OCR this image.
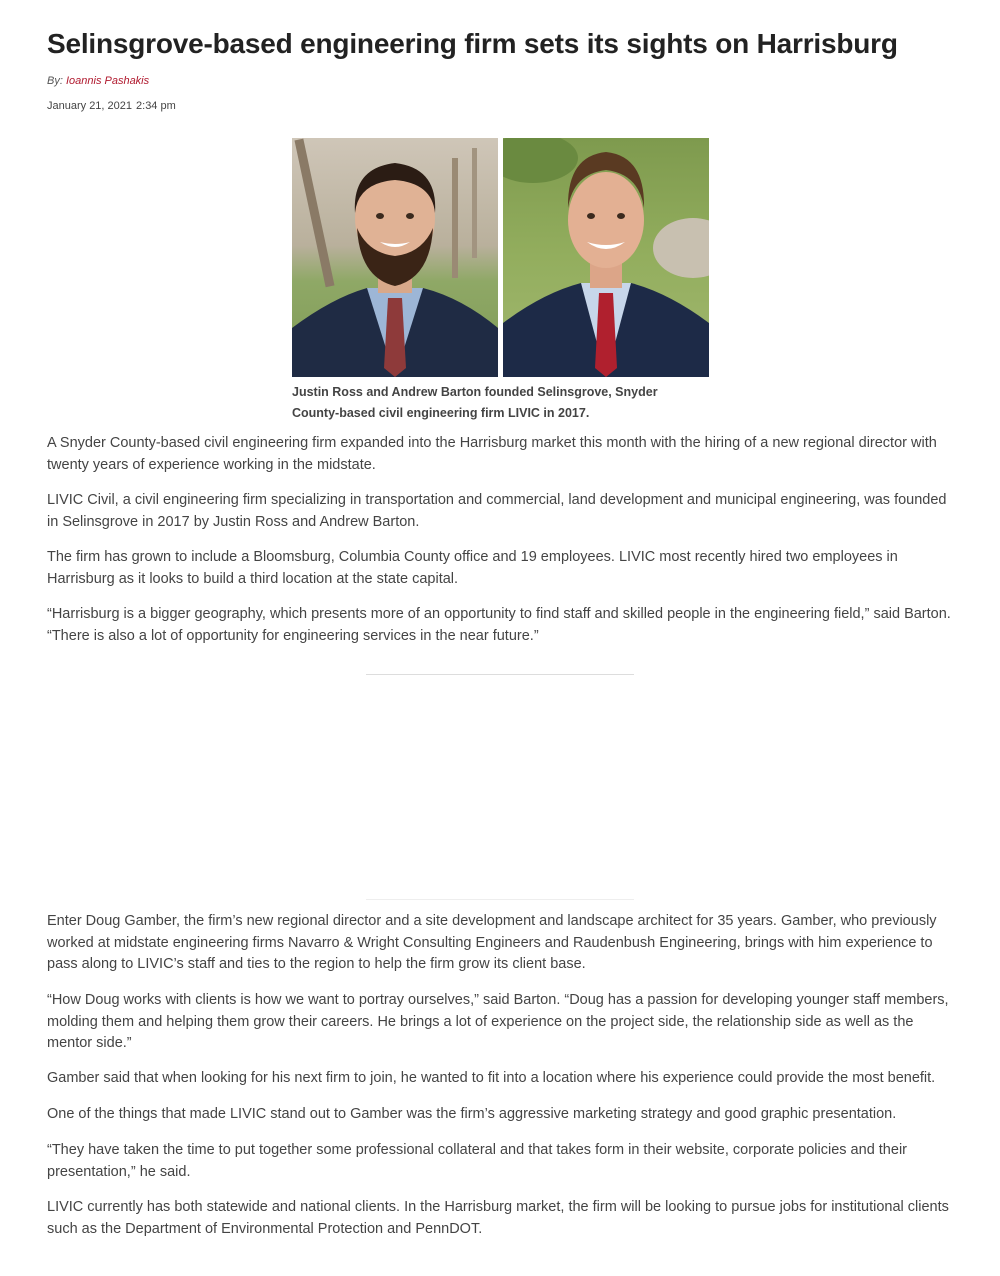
Selinsgrove-based engineering firm sets its sights on Harrisburg
By: Ioannis Pashakis
January 21, 2021 2:34 pm
Justin Ross and Andrew Barton founded Selinsgrove, Snyder County-based civil engineering firm LIVIC in 2017.

A Snyder County-based civil engineering firm expanded into the Harrisburg market this month with the hiring of a new regional director with twenty years of experience working in the midstate.

LIVIC Civil, a civil engineering firm specializing in transportation and commercial, land development and municipal engineering, was founded in Selinsgrove in 2017 by Justin Ross and Andrew Barton.

The firm has grown to include a Bloomsburg, Columbia County office and 19 employees. LIVIC most recently hired two employees in Harrisburg as it looks to build a third location at the state capital.

“Harrisburg is a bigger geography, which presents more of an opportunity to find staff and skilled people in the engineering field,” said Barton. “There is also a lot of opportunity for engineering services in the near future.”

Enter Doug Gamber, the firm’s new regional director and a site development and landscape architect for 35 years. Gamber, who previously worked at midstate engineering firms Navarro & Wright Consulting Engineers and Raudenbush Engineering, brings with him experience to pass along to LIVIC’s staff and ties to the region to help the firm grow its client base.

“How Doug works with clients is how we want to portray ourselves,” said Barton. “Doug has a passion for developing younger staff members, molding them and helping them grow their careers. He brings a lot of experience on the project side, the relationship side as well as the mentor side.”

Gamber said that when looking for his next firm to join, he wanted to fit into a location where his experience could provide the most benefit.

One of the things that made LIVIC stand out to Gamber was the firm’s aggressive marketing strategy and good graphic presentation.

“They have taken the time to put together some professional collateral and that takes form in their website, corporate policies and their presentation,” he said.

LIVIC currently has both statewide and national clients. In the Harrisburg market, the firm will be looking to pursue jobs for institutional clients such as the Department of Environmental Protection and PennDOT.
